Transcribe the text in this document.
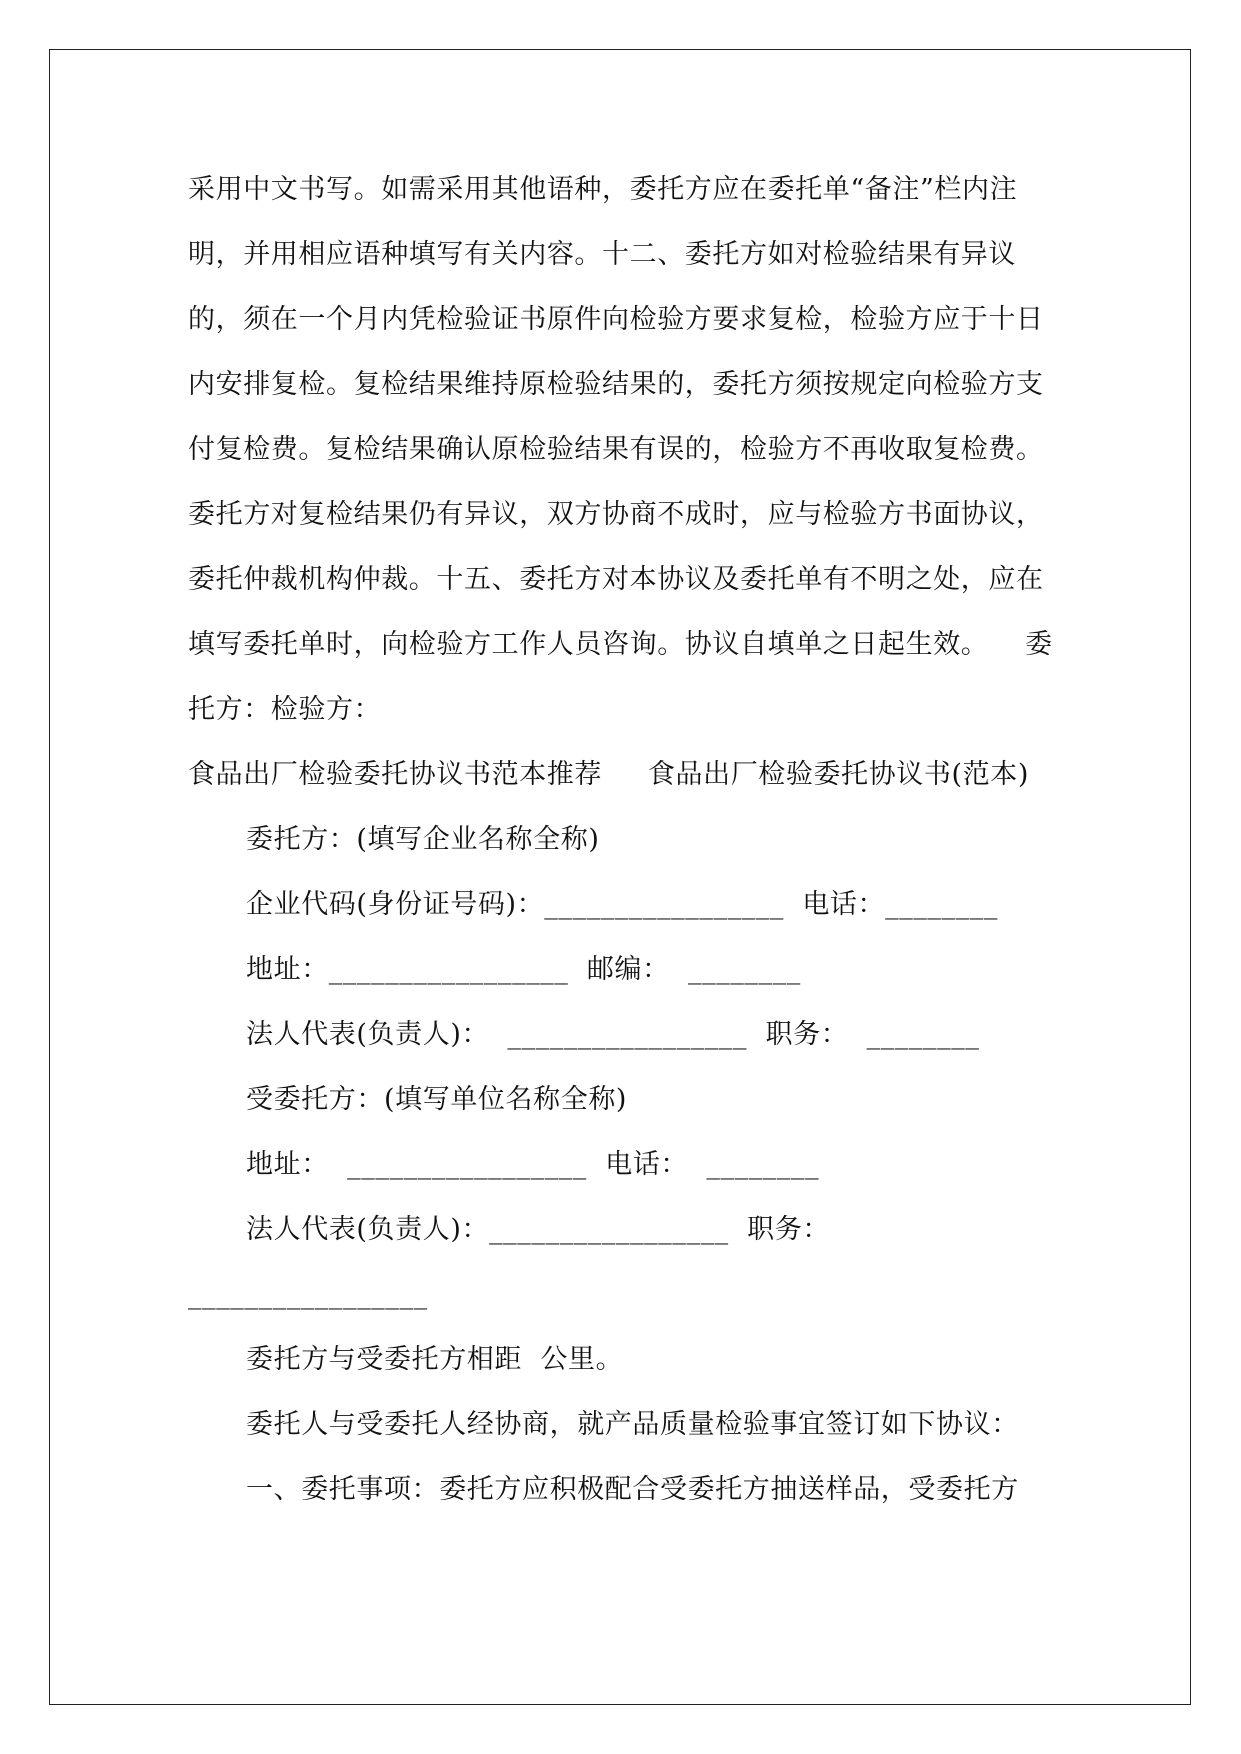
采用中文书写。如需采用其他语种，委托方应在委托单“备注”栏内注明，并用相应语种填写有关内容。十二、委托方如对检验结果有异议的，须在一个月内凭检验证书原件向检验方要求复检，检验方应于十日内安排复检。复检结果维持原检验结果的，委托方须按规定向检验方支付复检费。复检结果确认原检验结果有误的，检验方不再收取复检费。委托方对复检结果仍有异议，双方协商不成时，应与检验方书面协议，委托仲裁机构仲裁。十五、委托方对本协议及委托单有不明之处，应在填写委托单时，向检验方工作人员咨询。协议自填单之日起生效。    委托方：检验方：

食品出厂检验委托协议书范本推荐     食品出厂检验委托协议书(范本)

委托方：(填写企业名称全称)

企业代码(身份证号码)：_________________  电话：________

地址：_________________  邮编：  ________

法人代表(负责人)：  _________________  职务：  ________

受委托方：(填写单位名称全称)

地址：  _________________  电话：  ________

法人代表(负责人)：_________________  职务：

_________________

委托方与受委托方相距  公里。

委托人与受委托人经协商，就产品质量检验事宜签订如下协议：

一、委托事项：委托方应积极配合受委托方抽送样品，受委托方
